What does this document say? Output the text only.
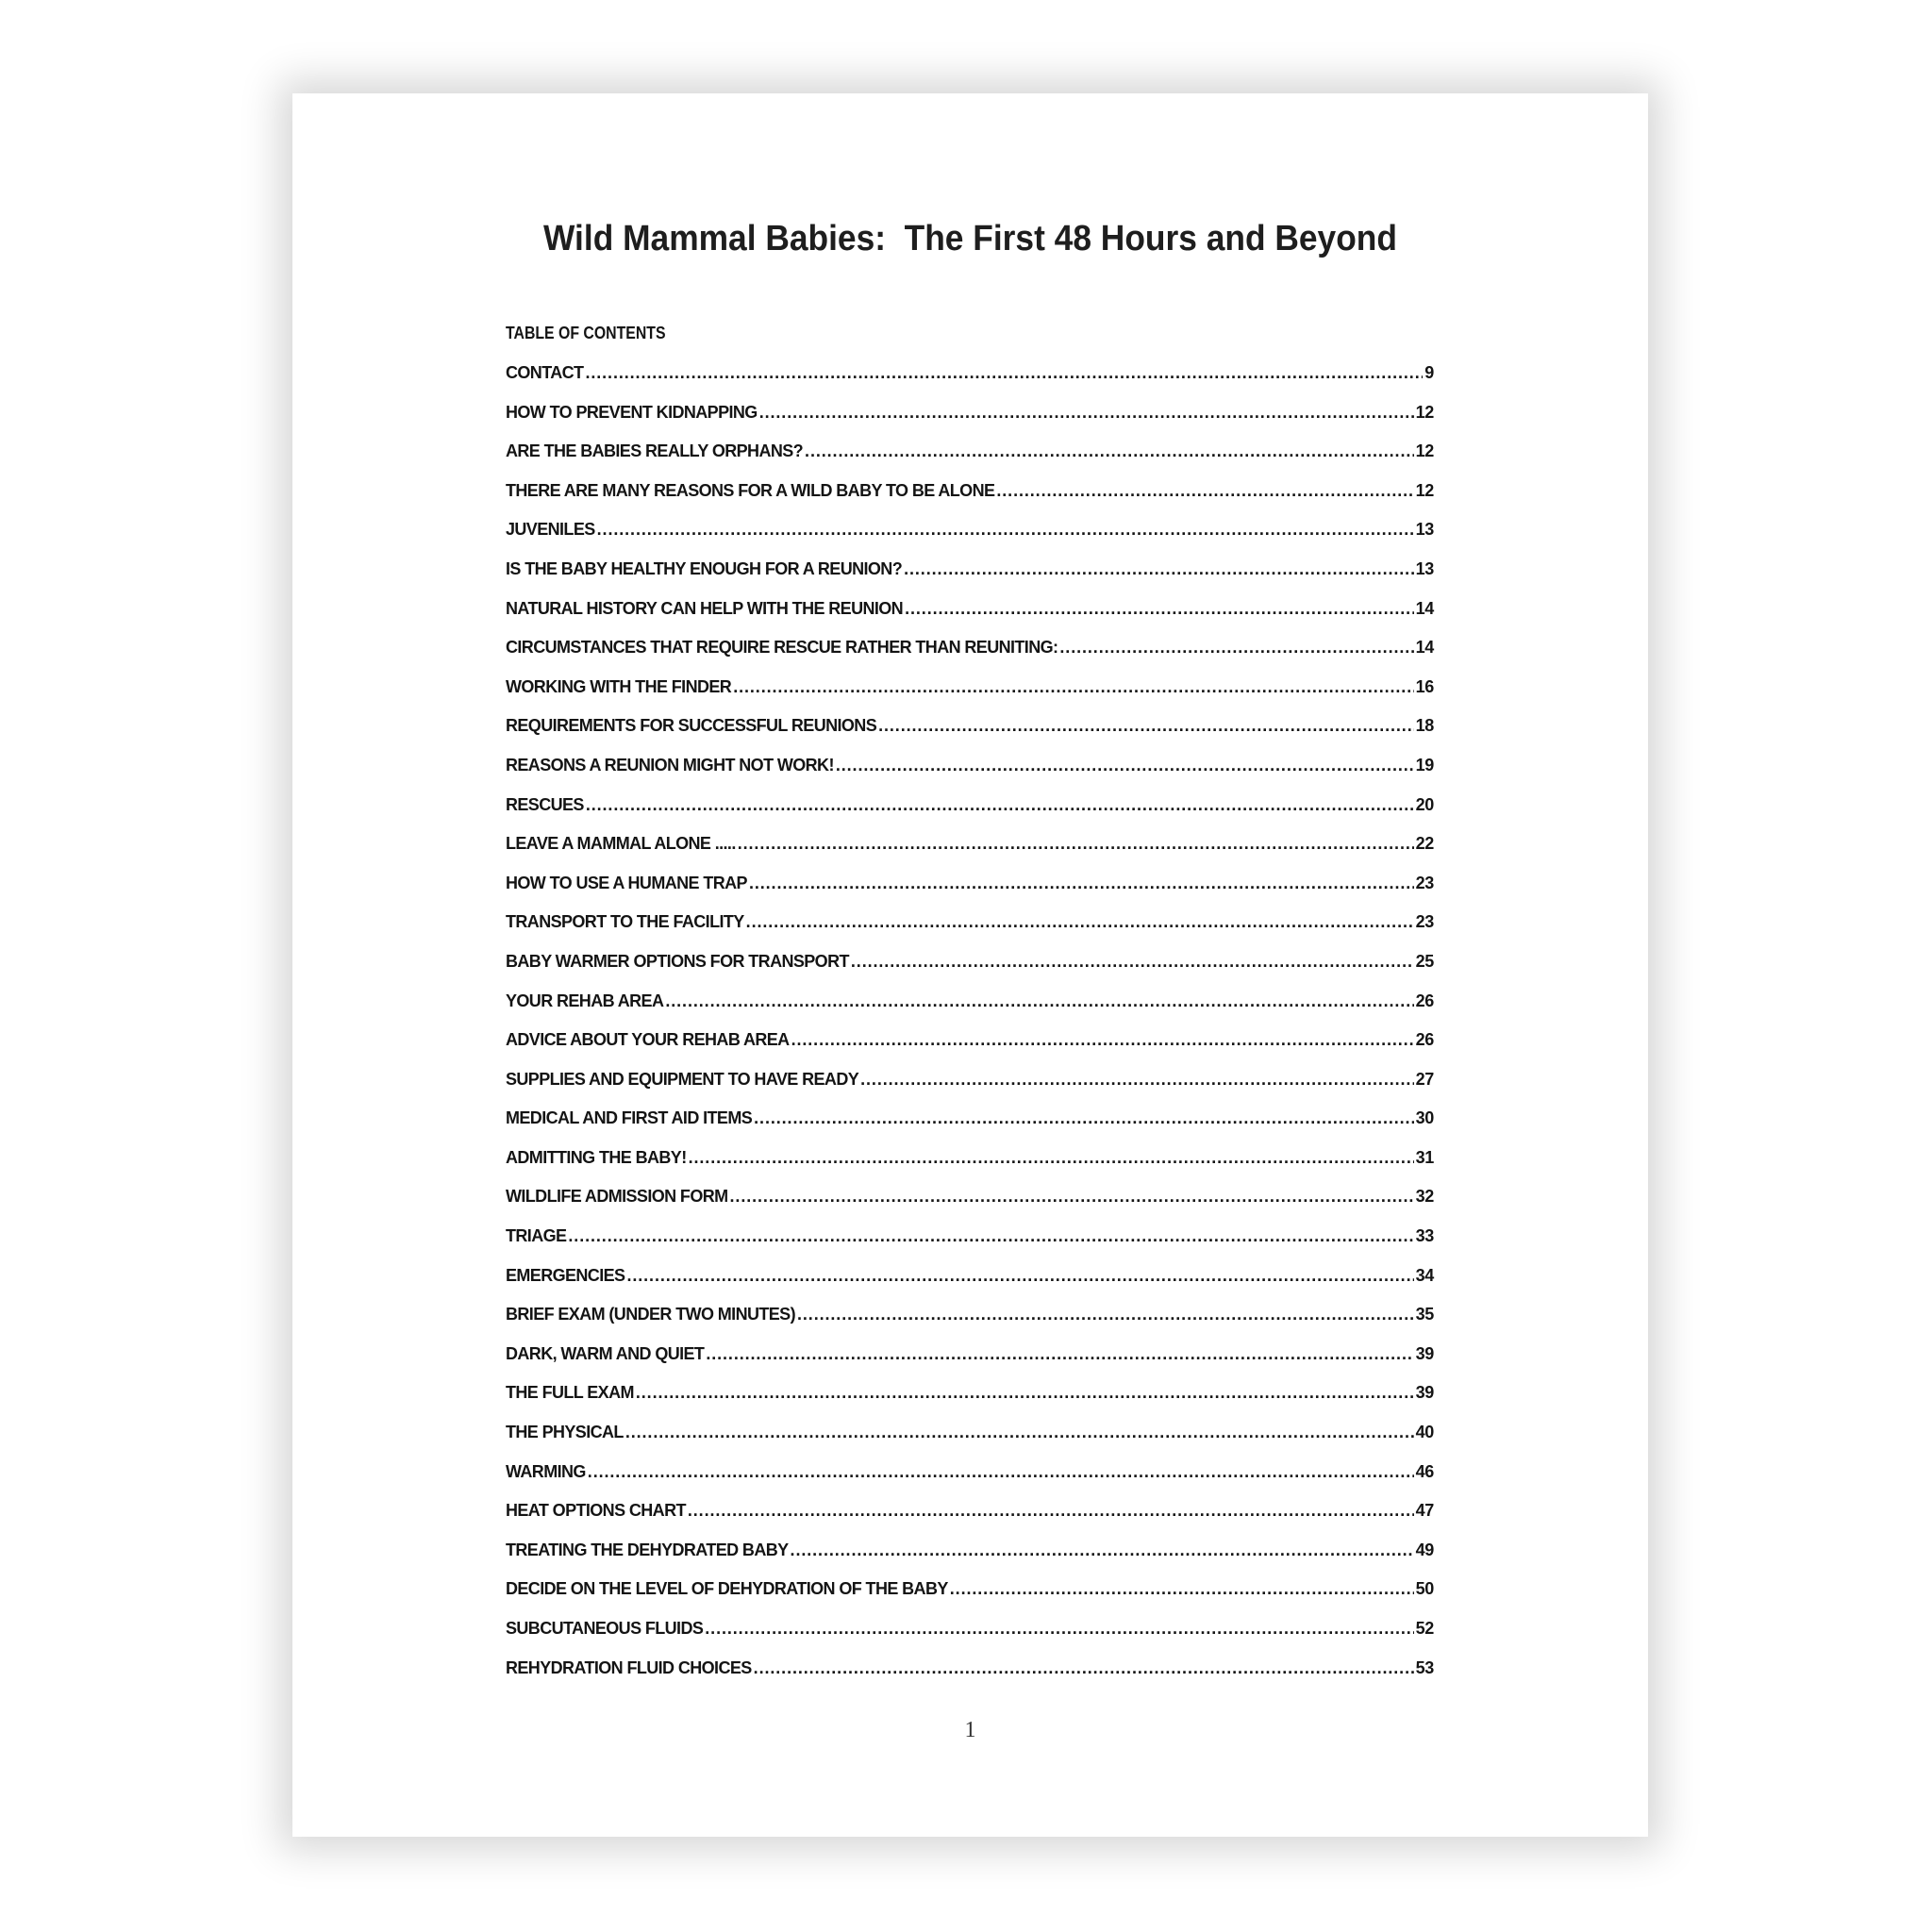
Wild Mammal Babies:  The First 48 Hours and Beyond
TABLE OF CONTENTS
CONTACT .....	9
HOW TO PREVENT KIDNAPPING .....	12
ARE THE BABIES REALLY ORPHANS? .....	12
THERE ARE MANY REASONS FOR A WILD BABY TO BE ALONE .....	12
JUVENILES .....	13
IS THE BABY HEALTHY ENOUGH FOR A REUNION? .....	13
NATURAL HISTORY CAN HELP WITH THE REUNION .....	14
CIRCUMSTANCES THAT REQUIRE RESCUE RATHER THAN REUNITING: .....	14
WORKING WITH THE FINDER .....	16
REQUIREMENTS FOR SUCCESSFUL REUNIONS .....	18
REASONS A REUNION MIGHT NOT WORK! .....	19
RESCUES .....	20
LEAVE A MAMMAL ALONE ..... .....	22
HOW TO USE A HUMANE TRAP .....	23
TRANSPORT TO THE FACILITY .....	23
BABY WARMER OPTIONS FOR TRANSPORT .....	25
YOUR REHAB AREA .....	26
ADVICE ABOUT YOUR REHAB AREA .....	26
SUPPLIES AND EQUIPMENT TO HAVE READY .....	27
MEDICAL AND FIRST AID ITEMS .....	30
ADMITTING THE BABY! .....	31
WILDLIFE ADMISSION FORM .....	32
TRIAGE .....	33
EMERGENCIES .....	34
BRIEF EXAM (UNDER TWO MINUTES) .....	35
DARK, WARM AND QUIET .....	39
THE FULL EXAM .....	39
THE PHYSICAL .....	40
WARMING .....	46
HEAT OPTIONS CHART .....	47
TREATING THE DEHYDRATED BABY .....	49
DECIDE ON THE LEVEL OF DEHYDRATION OF THE BABY .....	50
SUBCUTANEOUS FLUIDS .....	52
REHYDRATION FLUID CHOICES .....	53
1
